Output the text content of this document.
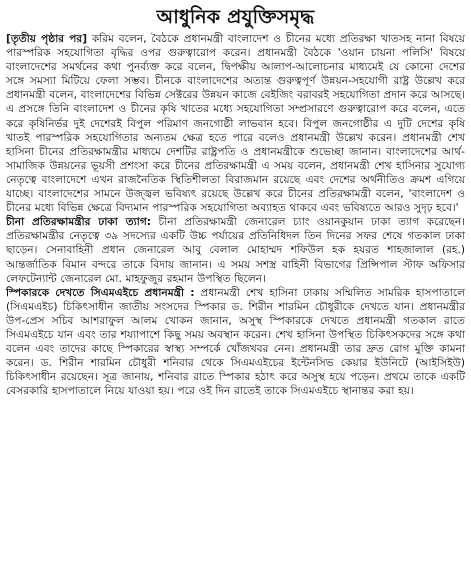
আধুনিক প্রযুক্তিসমৃদ্ধ

[তৃতীয় পৃষ্ঠার পর] করিম বলেন, বৈঠকে প্রধানমন্ত্রী বাংলাদেশ ও চীনের মধ্যে প্রতিরক্ষা খাতসহ নানা বিষয়ে পারস্পরিক সহযোগিতা বৃদ্ধির ওপর গুরুত্বারোপ করেন। প্রধানমন্ত্রী বৈঠকে 'ওয়ান চায়না পলিসি' বিষয়ে বাংলাদেশের সমর্থনের কথা পুনর্ব্যক্ত করে বলেন, দ্বিপক্ষীয় আলাপ-আলোচনার মাধ্যমেই যে কোনো দেশের সঙ্গে সমস্যা মিটিয়ে ফেলা সম্ভব। চীনকে বাংলাদেশের অত্যন্ত গুরুত্বপূর্ণ উন্নয়ন-সহযোগী রাষ্ট্র উল্লেখ করে প্রধানমন্ত্রী বলেন, বাংলাদেশের বিভিন্ন সেক্টরের উন্নয়ন কাজে বেইজিং বরাবরই সহযোগিতা প্রদান করে আসছে। এ প্রসঙ্গে তিনি বাংলাদেশ ও চীনের কৃষি খাতের মধ্যে সহযোগিতা সম্প্রসারণে গুরুত্বারোপ করে বলেন, এতে করে কৃষিনির্ভর দুই দেশেরই বিপুল পরিমাণ জনগোষ্ঠী লাভবান হবে। বিপুল জনগোষ্ঠীর এ দুটি দেশের কৃষি খাতই পারস্পরিক সহযোগিতার অন্যতম ক্ষেত্র হতে পারে বলেও প্রধানমন্ত্রী উল্লেখ করেন। প্রধানমন্ত্রী শেখ হাসিনা চীনের প্রতিরক্ষামন্ত্রীর মাধ্যমে দেশটির রাষ্ট্রপতি ও প্রধানমন্ত্রীকে শুভেচ্ছা জানান। বাংলাদেশের আর্থ-সামাজিক উন্নয়নের ভূয়সী প্রশংসা করে চীনের প্রতিরক্ষামন্ত্রী এ সময় বলেন, প্রধানমন্ত্রী শেখ হাসিনার সুযোগ্য নেতৃত্বে বাংলাদেশে এখন রাজনৈতিক স্থিতিশীলতা বিরাজমান রয়েছে এবং দেশের অর্থনীতিও ক্রমশ এগিয়ে যাচ্ছে। বাংলাদেশের সামনে উজ্জ্বল ভবিষ্যৎ রয়েছে উল্লেখ করে চীনের প্রতিরক্ষামন্ত্রী বলেন, 'বাংলাদেশ ও চীনের মধ্যে বিভিন্ন ক্ষেত্রে বিদ্যমান পারস্পরিক সহযোগিতা অব্যাহত থাকবে এবং ভবিষ্যতে আরও সুদৃঢ় হবে।'

চীনা প্রতিরক্ষামন্ত্রীর ঢাকা ত্যাগ: চীনা প্রতিরক্ষামন্ত্রী জেনারেল চ্যাং ওয়ানকুয়ান ঢাকা ত্যাগ করেছেন। প্রতিরক্ষামন্ত্রীর নেতৃত্বে ৩৯ সদস্যের একটি উচ্চ পর্যায়ের প্রতিনিধিদল তিন দিনের সফর শেষে গতকাল ঢাকা ছাড়েন। সেনাবাহিনী প্রধান জেনারেল আবু বেলাল মোহাম্মদ শফিউল হক হযরত শাহজালাল (রহ.) আন্তর্জাতিক বিমান বন্দরে তাকে বিদায় জানান। এ সময় সশস্ত্র বাহিনী বিভাগের প্রিন্সিপাল স্টাফ অফিসার লেফটেন্যান্ট জেনারেল মো. মাহফুজুর রহমান উপস্থিত ছিলেন।

স্পিকারকে দেখতে সিএমএইচে প্রধানমন্ত্রী : প্রধানমন্ত্রী শেখ হাসিনা ঢাকায় সম্মিলিত সামরিক হাসপাতালে (সিএমএইচ) চিকিৎসাধীন জাতীয় সংসদের স্পিকার ড. শিরীন শারমিন চৌধুরীকে দেখতে যান। প্রধানমন্ত্রীর উপ-প্রেস সচিব আশরাফুল আলম খোকন জানান, অসুস্থ স্পিকারকে দেখতে প্রধানমন্ত্রী গতকাল রাতে সিএমএইচে যান এবং তার শয্যাপাশে কিছু সময় অবস্থান করেন। শেখ হাসিনা উপস্থিত চিকিৎসকদের সঙ্গে কথা বলেন এবং তাদের কাছে স্পিকারের স্বাস্থ্য সম্পর্কে খোঁজখবর নেন। প্রধানমন্ত্রী তার দ্রুত রোগ মুক্তি কামনা করেন। ড. শিরীন শারমিন চৌধুরী শনিবার থেকে সিএমএইচের ইন্টেনসিভ কেয়ার ইউনিটে (আইসিইউ) চিকিৎসাধীন রয়েছেন। সূত্র জানায়, শনিবার রাতে স্পিকার হঠাৎ করে অসুস্থ হয়ে পড়েন। প্রথমে তাকে একটি বেসরকারি হাসপাতালে নিয়ে যাওয়া হয়। পরে ওই দিন রাতেই তাকে সিএমএইচে স্থানান্তর করা হয়।
